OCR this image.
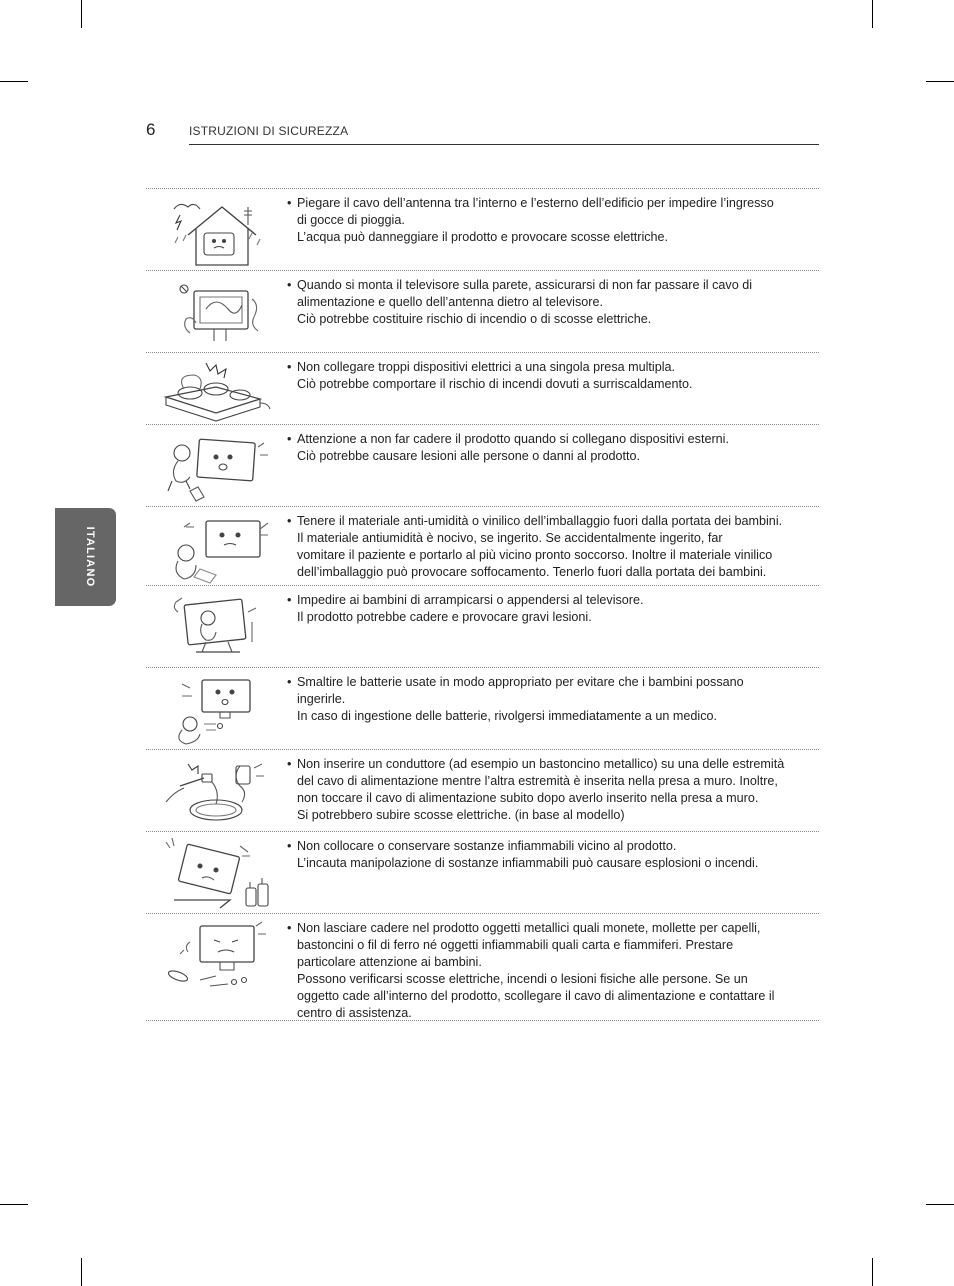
6	ISTRUZIONI DI SICUREZZA
ITALIANO
• Piegare il cavo dell’antenna tra l’interno e l’esterno dell’edificio per impedire l’ingresso
di gocce di pioggia.
L’acqua può danneggiare il prodotto e provocare scosse elettriche.
• Quando si monta il televisore sulla parete, assicurarsi di non far passare il cavo di
alimentazione e quello dell’antenna dietro al televisore.
Ciò potrebbe costituire rischio di incendio o di scosse elettriche.
• Non collegare troppi dispositivi elettrici a una singola presa multipla.
Ciò potrebbe comportare il rischio di incendi dovuti a surriscaldamento.
• Attenzione a non far cadere il prodotto quando si collegano dispositivi esterni.
Ciò potrebbe causare lesioni alle persone o danni al prodotto.
• Tenere il materiale anti-umidità o vinilico dell’imballaggio fuori dalla portata dei bambini.
Il materiale antiumidità è nocivo, se ingerito. Se accidentalmente ingerito, far
vomitare il paziente e portarlo al più vicino pronto soccorso. Inoltre il materiale vinilico
dell’imballaggio può provocare soffocamento. Tenerlo fuori dalla portata dei bambini.
• Impedire ai bambini di arrampicarsi o appendersi al televisore.
Il prodotto potrebbe cadere e provocare gravi lesioni.
• Smaltire le batterie usate in modo appropriato per evitare che i bambini possano
ingerirle.
In caso di ingestione delle batterie, rivolgersi immediatamente a un medico.
• Non inserire un conduttore (ad esempio un bastoncino metallico) su una delle estremità
del cavo di alimentazione mentre l’altra estremità è inserita nella presa a muro. Inoltre,
non toccare il cavo di alimentazione subito dopo averlo inserito nella presa a muro.
Si potrebbero subire scosse elettriche. (in base al modello)
• Non collocare o conservare sostanze infiammabili vicino al prodotto.
L’incauta manipolazione di sostanze infiammabili può causare esplosioni o incendi.
• Non lasciare cadere nel prodotto oggetti metallici quali monete, mollette per capelli,
bastoncini o fil di ferro né oggetti infiammabili quali carta e fiammiferi. Prestare
particolare attenzione ai bambini.
Possono verificarsi scosse elettriche, incendi o lesioni fisiche alle persone. Se un
oggetto cade all’interno del prodotto, scollegare il cavo di alimentazione e contattare il
centro di assistenza.
